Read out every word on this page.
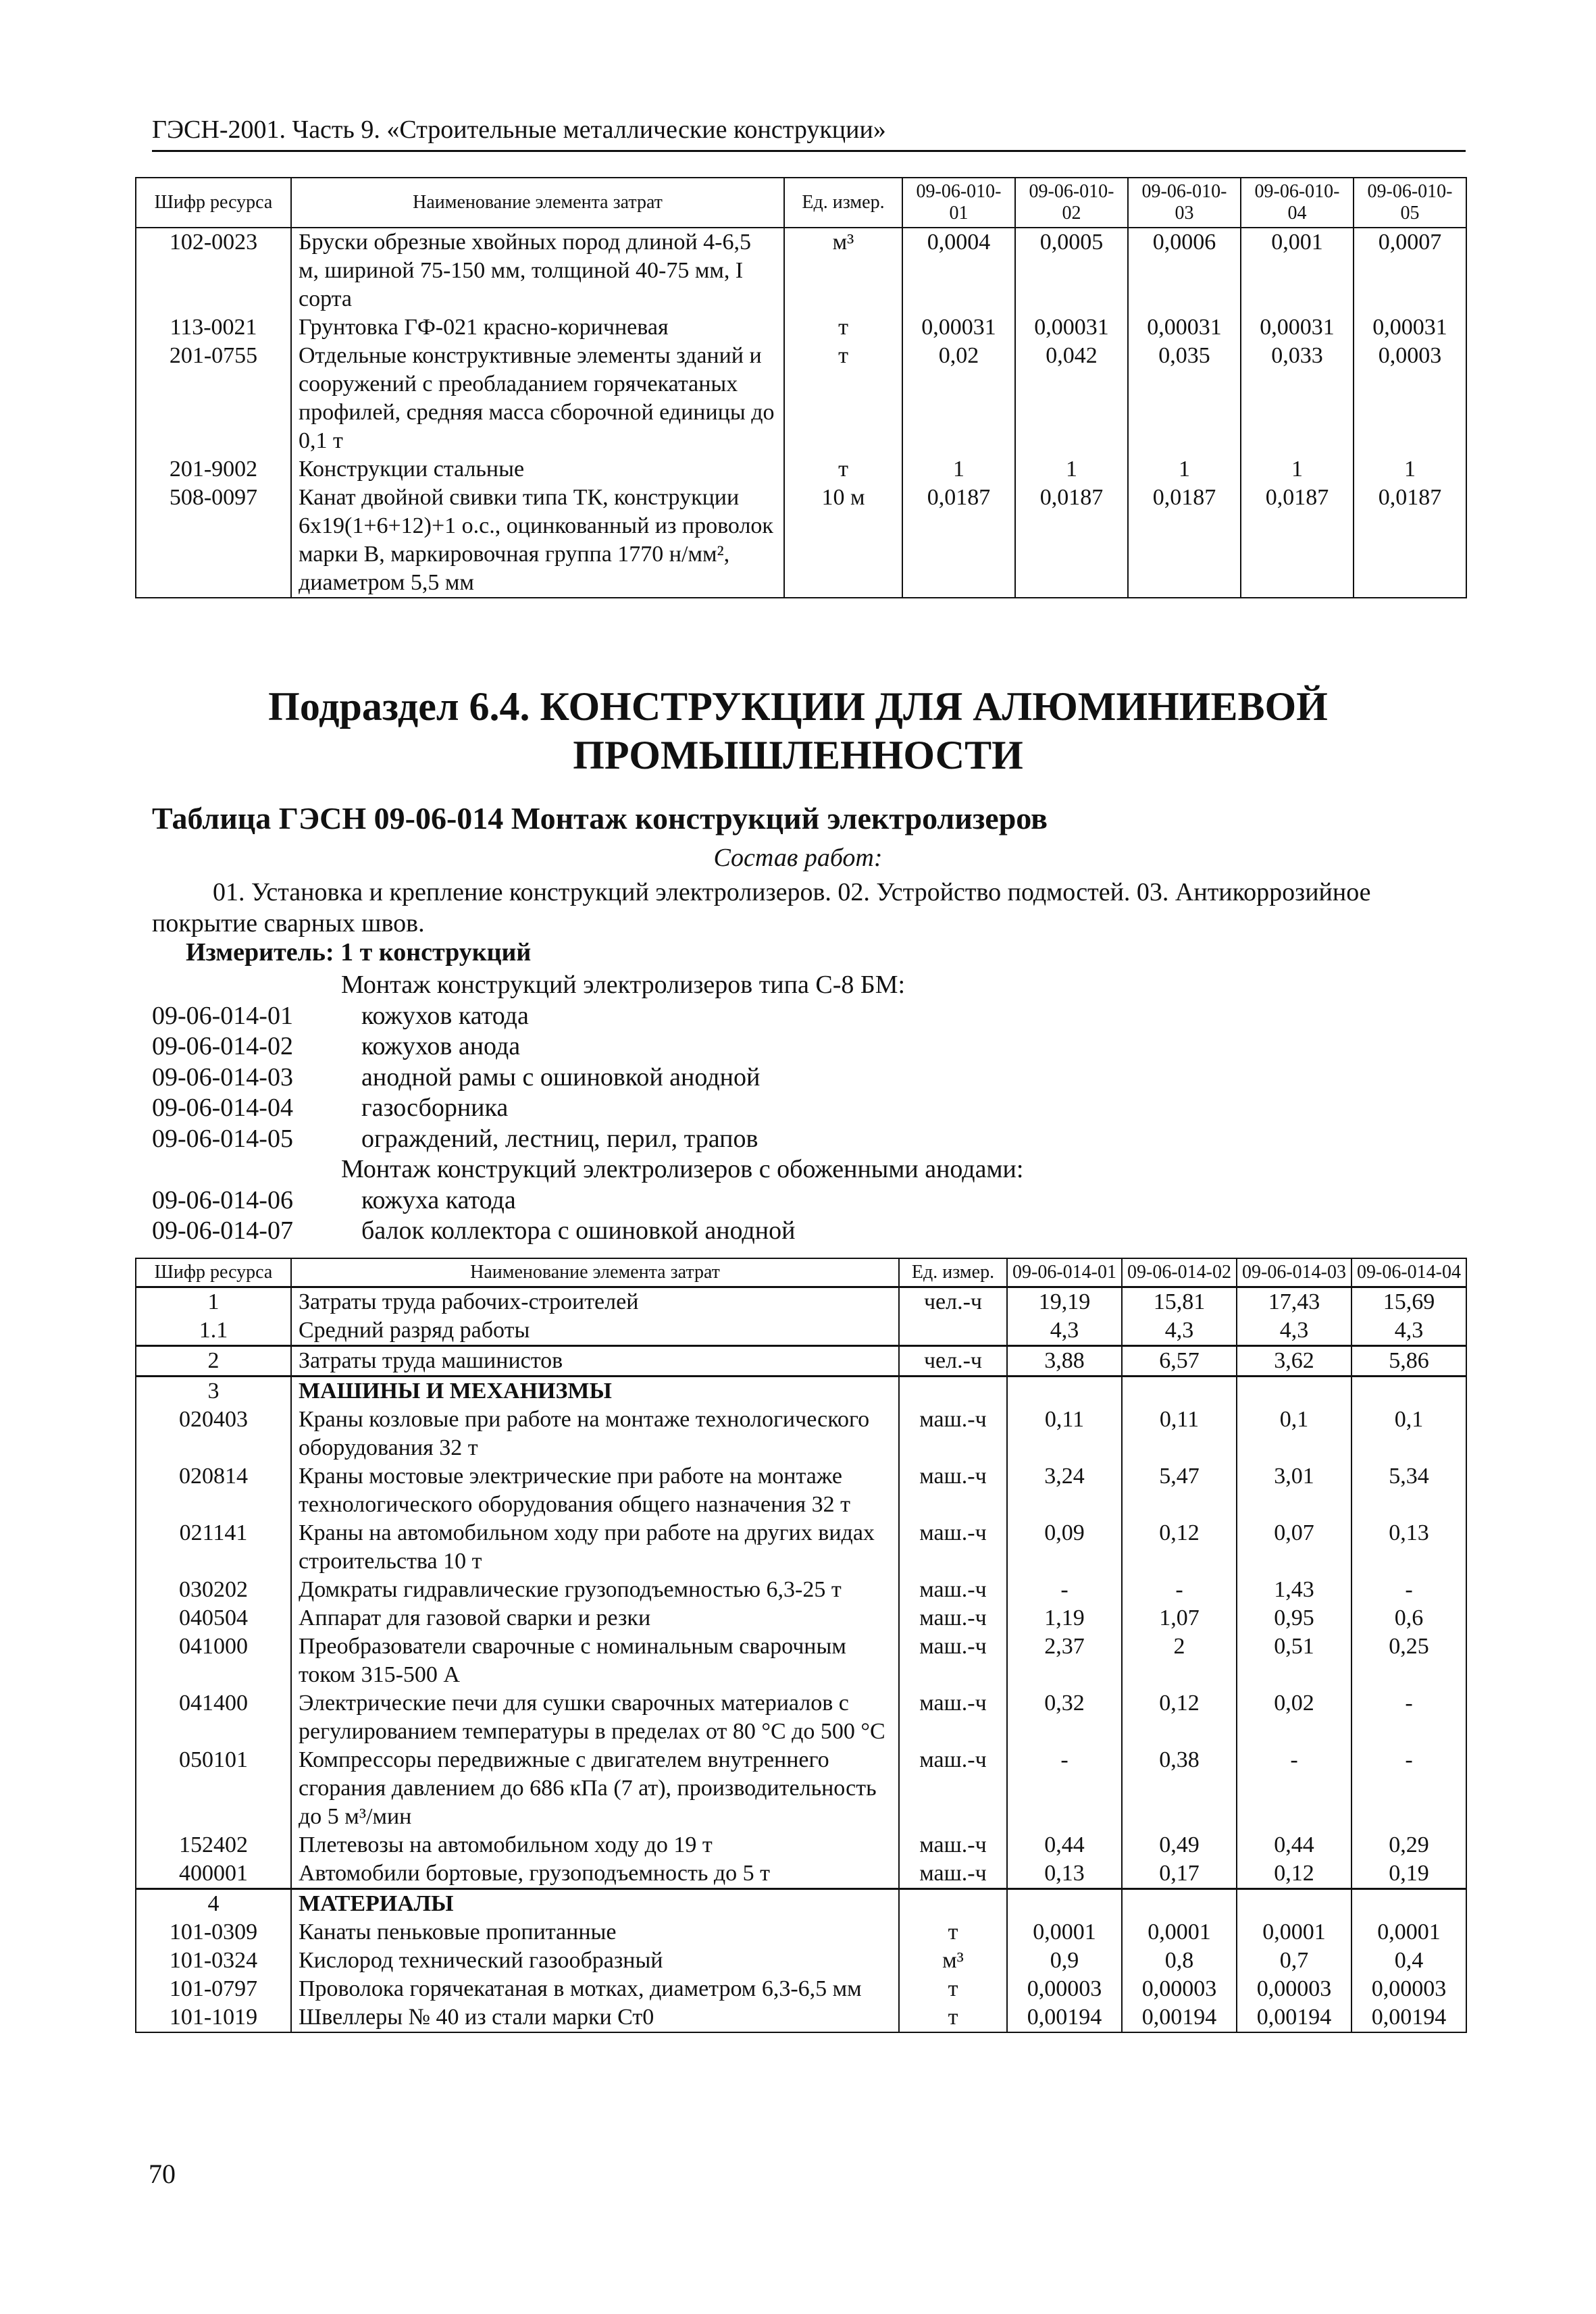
ГЭСН-2001. Часть 9. «Строительные металлические конструкции»
Шифр ресурса	Наименование элемента затрат	Ед. измер.	09-06-010-01	09-06-010-02	09-06-010-03	09-06-010-04	09-06-010-05
102-0023	Бруски обрезные хвойных пород длиной 4-6,5 м, шириной 75-150 мм, толщиной 40-75 мм, I сорта	м³	0,0004	0,0005	0,0006	0,001	0,0007
113-0021	Грунтовка ГФ-021 красно-коричневая	т	0,00031	0,00031	0,00031	0,00031	0,00031
201-0755	Отдельные конструктивные элементы зданий и сооружений с преобладанием горячекатаных профилей, средняя масса сборочной единицы до 0,1 т	т	0,02	0,042	0,035	0,033	0,0003
201-9002	Конструкции стальные	т	1	1	1	1	1
508-0097	Канат двойной свивки типа ТК, конструкции 6х19(1+6+12)+1 о.с., оцинкованный из проволок марки В, маркировочная группа 1770 н/мм², диаметром 5,5 мм	10 м	0,0187	0,0187	0,0187	0,0187	0,0187
Подраздел 6.4. КОНСТРУКЦИИ ДЛЯ АЛЮМИНИЕВОЙ
ПРОМЫШЛЕННОСТИ
Таблица ГЭСН 09-06-014 Монтаж конструкций электролизеров
Состав работ:
01. Установка и крепление конструкций электролизеров. 02. Устройство подмостей. 03. Антикоррозийное покрытие сварных швов.
Измеритель: 1 т конструкций
Монтаж конструкций электролизеров типа С-8 БМ:
09-06-014-01	кожухов катода
09-06-014-02	кожухов анода
09-06-014-03	анодной рамы с ошиновкой анодной
09-06-014-04	газосборника
09-06-014-05	ограждений, лестниц, перил, трапов
Монтаж конструкций электролизеров с обоженными анодами:
09-06-014-06	кожуха катода
09-06-014-07	балок коллектора с ошиновкой анодной
Шифр ресурса	Наименование элемента затрат	Ед. измер.	09-06-014-01	09-06-014-02	09-06-014-03	09-06-014-04
1	Затраты труда рабочих-строителей	чел.-ч	19,19	15,81	17,43	15,69
1.1	Средний разряд работы		4,3	4,3	4,3	4,3
2	Затраты труда машинистов	чел.-ч	3,88	6,57	3,62	5,86
3	МАШИНЫ И МЕХАНИЗМЫ					
020403	Краны козловые при работе на монтаже технологического оборудования 32 т	маш.-ч	0,11	0,11	0,1	0,1
020814	Краны мостовые электрические при работе на монтаже технологического оборудования общего назначения 32 т	маш.-ч	3,24	5,47	3,01	5,34
021141	Краны на автомобильном ходу при работе на других видах строительства 10 т	маш.-ч	0,09	0,12	0,07	0,13
030202	Домкраты гидравлические грузоподъемностью 6,3-25 т	маш.-ч	-	-	1,43	-
040504	Аппарат для газовой сварки и резки	маш.-ч	1,19	1,07	0,95	0,6
041000	Преобразователи сварочные с номинальным сварочным током 315-500 А	маш.-ч	2,37	2	0,51	0,25
041400	Электрические печи для сушки сварочных материалов с регулированием температуры в пределах от 80 °С до 500 °С	маш.-ч	0,32	0,12	0,02	-
050101	Компрессоры передвижные с двигателем внутреннего сгорания давлением до 686 кПа (7 ат), производительность до 5 м³/мин	маш.-ч	-	0,38	-	-
152402	Плетевозы на автомобильном ходу до 19 т	маш.-ч	0,44	0,49	0,44	0,29
400001	Автомобили бортовые, грузоподъемность до 5 т	маш.-ч	0,13	0,17	0,12	0,19
4	МАТЕРИАЛЫ					
101-0309	Канаты пеньковые пропитанные	т	0,0001	0,0001	0,0001	0,0001
101-0324	Кислород технический газообразный	м³	0,9	0,8	0,7	0,4
101-0797	Проволока горячекатаная в мотках, диаметром 6,3-6,5 мм	т	0,00003	0,00003	0,00003	0,00003
101-1019	Швеллеры № 40 из стали марки Ст0	т	0,00194	0,00194	0,00194	0,00194
70
